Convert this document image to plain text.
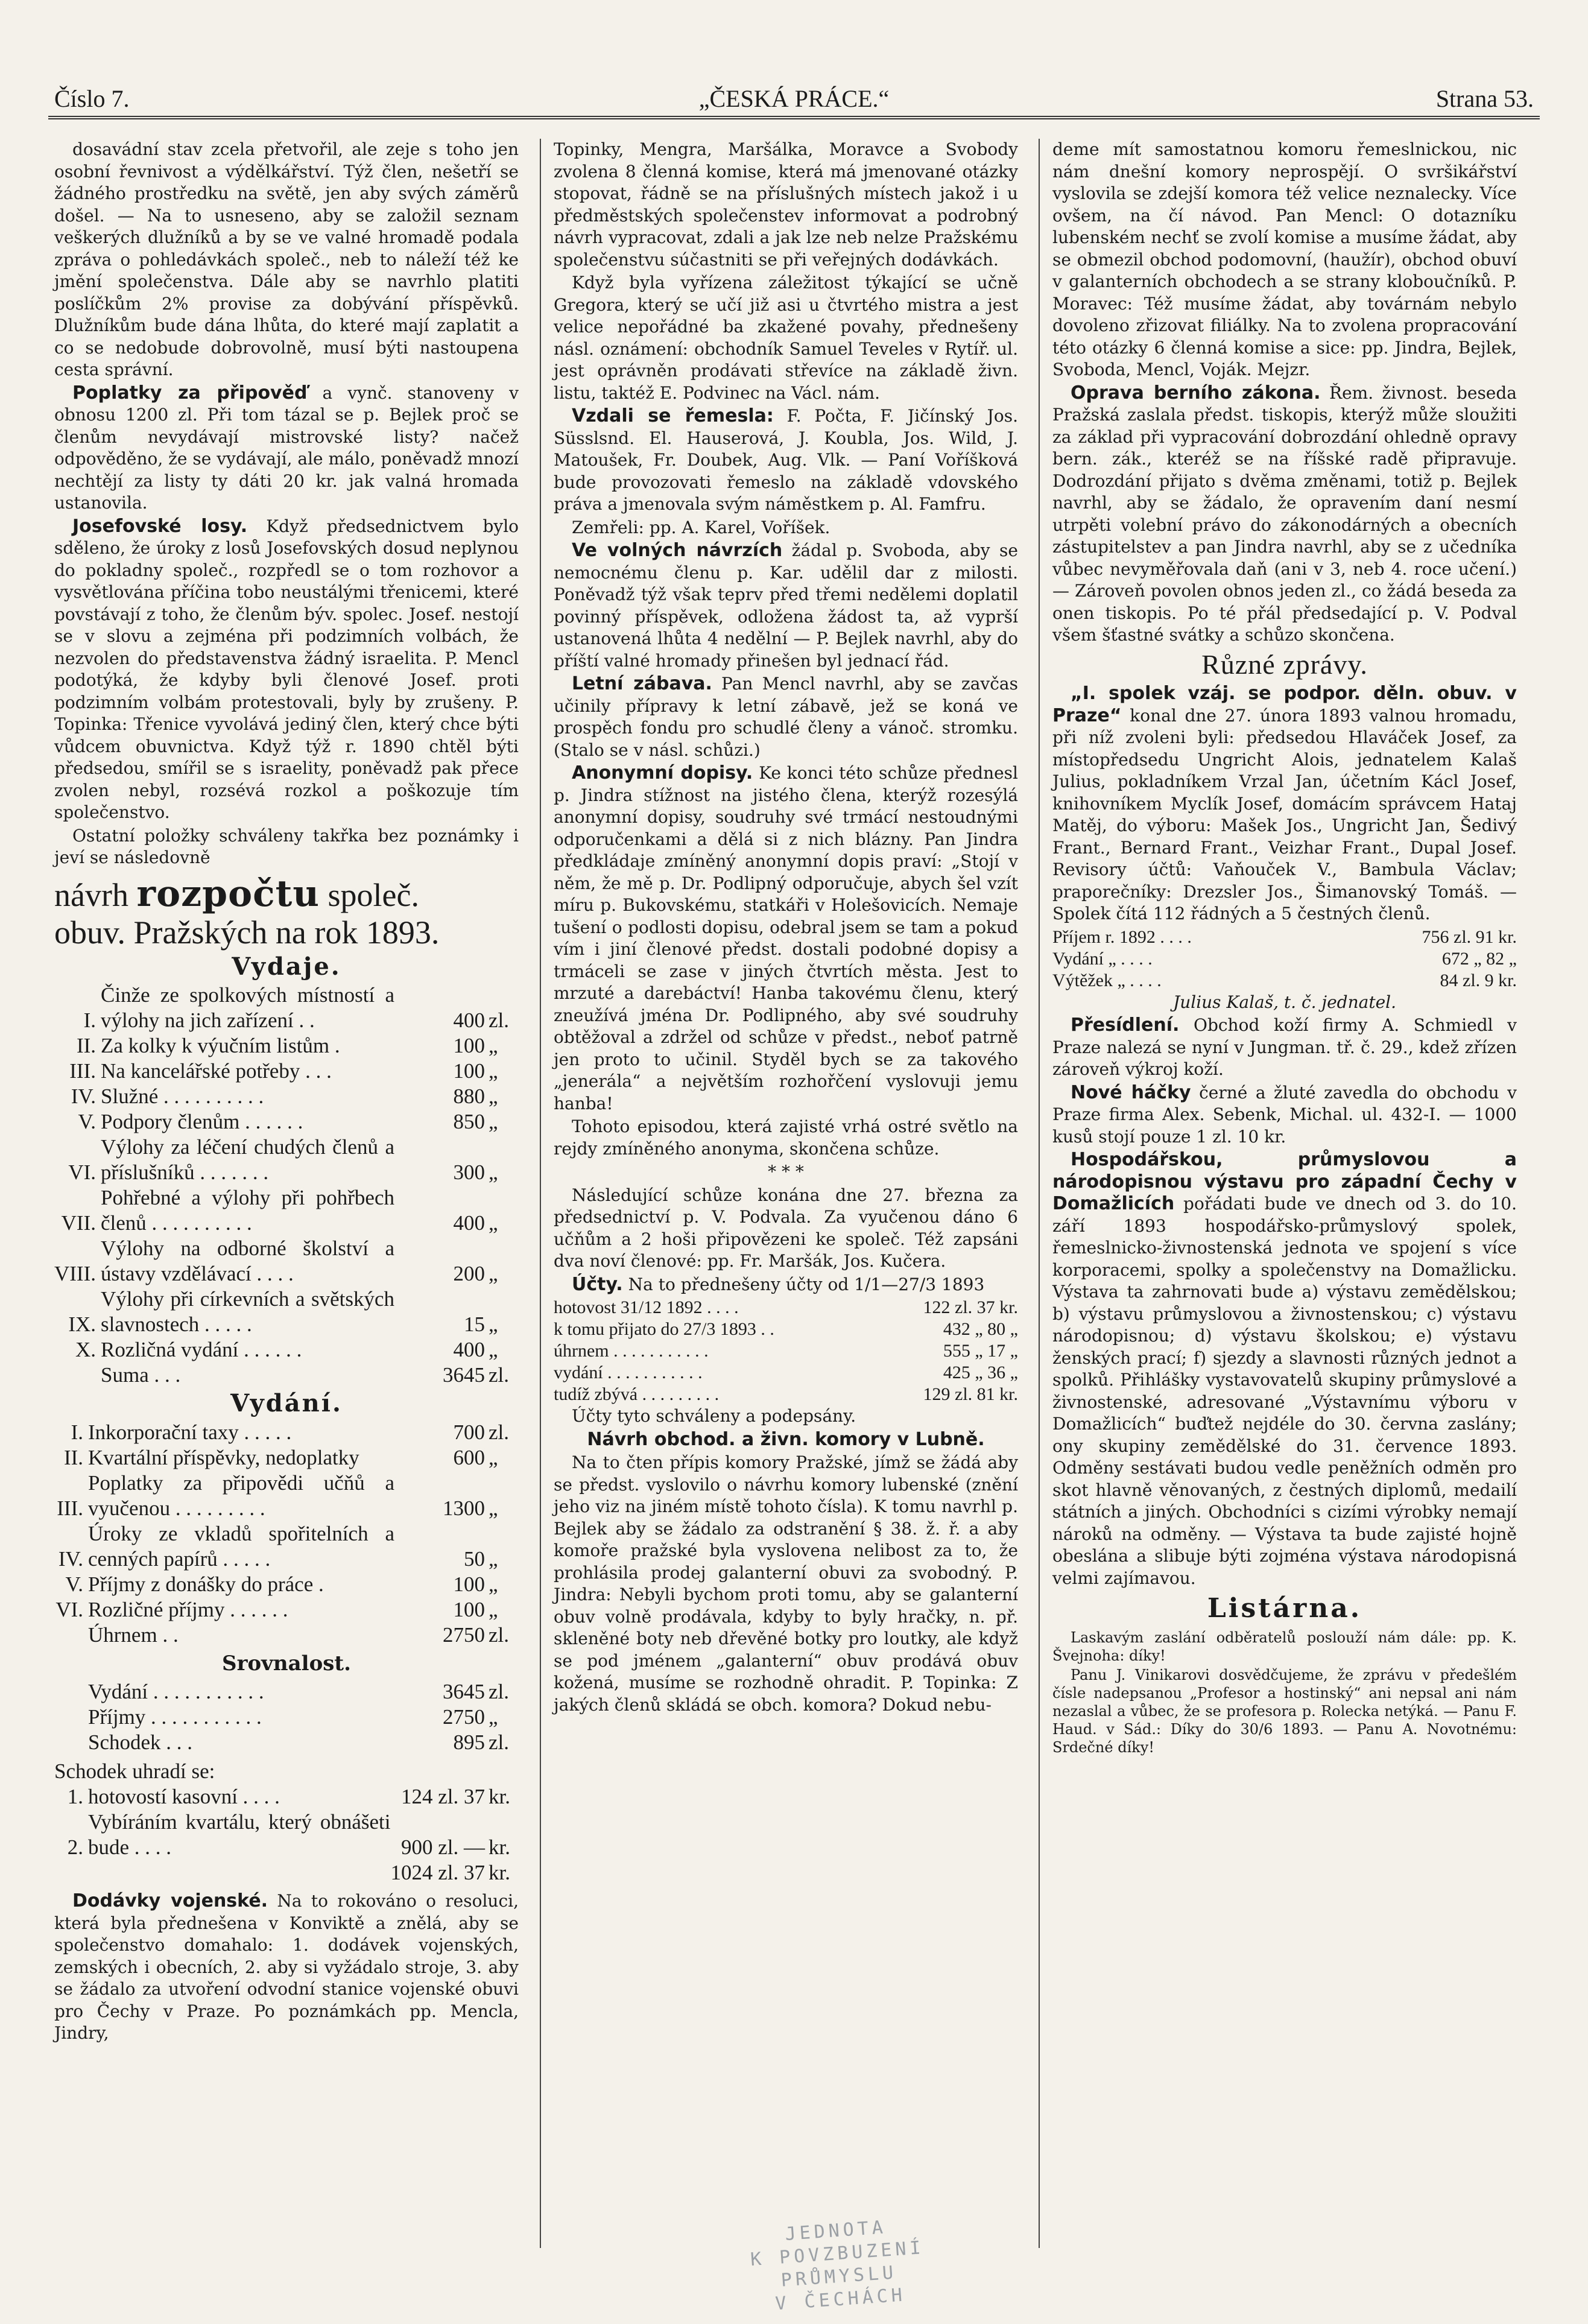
Číslo 7.	„ČESKÁ PRÁCE.“	Strana 53.

dosavádní stav zcela přetvořil, ale zeje s toho jen osobní řevnivost a výdělkářství. Týž člen, nešetří se žádného prostředku na světě, jen aby svých záměrů došel. — Na to usneseno, aby se založil seznam veškerých dlužníků a by se ve valné hromadě podala zpráva o pohledávkách společ., neb to náleží též ke jmění společenstva. Dále aby se navrhlo platiti poslíčkům 2% provise za dobývání příspěvků. Dlužníkům bude dána lhůta, do které mají zaplatit a co se nedobude dobrovolně, musí býti nastoupena cesta správní.

Poplatky za připověď a vynč. stanoveny v obnosu 1200 zl. Při tom tázal se p. Bejlek proč se členům nevydávají mistrovské listy? načež odpověděno, že se vydávají, ale málo, poněvadž mnozí nechtějí za listy ty dáti 20 kr. jak valná hromada ustanovila.

Josefovské losy. Když předsednictvem bylo sděleno, že úroky z losů Josefovských dosud neplynou do pokladny společ., rozpředl se o tom rozhovor a vysvětlována příčina tobo neustálými třenicemi, které povstávají z toho, že členům býv. spolec. Josef. nestojí se v slovu a zejména při podzimních volbách, že nezvolen do představenstva žádný israelita. P. Mencl podotýká, že kdyby byli členové Josef. proti podzimním volbám protestovali, byly by zrušeny. P. Topinka: Třenice vyvolává jediný člen, který chce býti vůdcem obuvnictva. Když týž r. 1890 chtěl býti předsedou, smířil se s israelity, poněvadž pak přece zvolen nebyl, rozsévá rozkol a poškozuje tím společenstvo.

Ostatní položky schváleny takřka bez poznámky i jeví se následovně

návrh rozpočtu společ.
obuv. Pražských na rok 1893.
Vydaje.
I.	Činže ze spolkových místností a výlohy na jich zařízení . .	400	zl.
II.	Za kolky k výučním listům .	100	„
III.	Na kancelářské potřeby . . .	100	„
IV.	Služné . . . . . . . . . .	880	„
V.	Podpory členům . . . . . .	850	„
VI.	Výlohy za léčení chudých členů a příslušníků . . . . . . .	300	„
VII.	Pohřebné a výlohy při pohřbech členů . . . . . . . . . .	400	„
VIII.	Výlohy na odborné školství a ústavy vzdělávací . . . .	200	„
IX.	Výlohy při církevních a světských slavnostech . . . . .	15	„
X.	Rozličná vydání . . . . . .	400	„
	Suma . . .	3645	zl.
Vydání.
I.	Inkorporační taxy . . . . .	700	zl.
II.	Kvartální příspěvky, nedoplatky	600	„
III.	Poplatky za připovědi učňů a vyučenou . . . . . . . . .	1300	„
IV.	Úroky ze vkladů spořitelních a cenných papírů . . . . .	50	„
V.	Příjmy z donášky do práce .	100	„
VI.	Rozličné příjmy . . . . . .	100	„
	Úhrnem . .	2750	zl.
Srovnalost.
	Vydání . . . . . . . . . . .	3645	zl.
	Příjmy . . . . . . . . . . .	2750	„
	Schodek . . .	895	zl.
Schodek uhradí se:
1.	hotovostí kasovní . . . .	124 zl. 37	kr.
2.	Vybíráním kvartálu, který obnášeti bude . . . .	900 zl. —	kr.
		1024 zl. 37	kr.

Dodávky vojenské. Na to rokováno o resoluci, která byla přednešena v Konviktě a znělá, aby se společenstvo domahalo: 1. dodávek vojenských, zemských i obecních, 2. aby si vyžádalo stroje, 3. aby se žádalo za utvoření odvodní stanice vojenské obuvi pro Čechy v Praze. Po poznámkách pp. Mencla, Jindry,

Topinky, Mengra, Maršálka, Moravce a Svobody zvolena 8 členná komise, která má jmenované otázky stopovat, řádně se na příslušných místech jakož i u předměstských společenstev informovat a podrobný návrh vypracovat, zdali a jak lze neb nelze Pražskému společenstvu súčastniti se při veřejných dodávkách.

Když byla vyřízena záležitost týkající se učně Gregora, který se učí již asi u čtvrtého mistra a jest velice nepořádné ba zkažené povahy, přednešeny násl. oznámení: obchodník Samuel Teveles v Rytíř. ul. jest oprávněn prodávati střevíce na základě živn. listu, taktéž E. Podvinec na Václ. nám.

Vzdali se řemesla: F. Počta, F. Jičínský Jos. Süsslsnd. El. Hauserová, J. Koubla, Jos. Wild, J. Matoušek, Fr. Doubek, Aug. Vlk. — Paní Voříšková bude provozovati řemeslo na základě vdovského práva a jmenovala svým náměstkem p. Al. Famfru.

Zemřeli: pp. A. Karel, Voříšek.

Ve volných návrzích žádal p. Svoboda, aby se nemocnému členu p. Kar. udělil dar z milosti. Poněvadž týž však teprv před třemi nedělemi doplatil povinný příspěvek, odložena žádost ta, až vyprší ustanovená lhůta 4 nedělní — P. Bejlek navrhl, aby do příští valné hromady přinešen byl jednací řád.

Letní zábava. Pan Mencl navrhl, aby se zavčas učinily přípravy k letní zábavě, jež se koná ve prospěch fondu pro schudlé členy a vánoč. stromku. (Stalo se v násl. schůzi.)

Anonymní dopisy. Ke konci této schůze přednesl p. Jindra stížnost na jistého člena, kterýž rozesýlá anonymní dopisy, soudruhy své trmácí nestoudnými odporučenkami a dělá si z nich blázny. Pan Jindra předkládaje zmíněný anonymní dopis praví: „Stojí v něm, že mě p. Dr. Podlipný odporučuje, abych šel vzít míru p. Bukovskému, statkáři v Holešovicích. Nemaje tušení o podlosti dopisu, odebral jsem se tam a pokud vím i jiní členové předst. dostali podobné dopisy a trmáceli se zase v jiných čtvrtích města. Jest to mrzuté a darebáctví! Hanba takovému členu, který zneužívá jména Dr. Podlipného, aby své soudruhy obtěžoval a zdržel od schůze v předst., neboť patrně jen proto to učinil. Styděl bych se za takového „jenerála“ a největším rozhořčení vyslovuji jemu hanba!

Tohoto episodou, která zajisté vrhá ostré světlo na rejdy zmíněného anonyma, skončena schůze.

* * *

Následující schůze konána dne 27. března za předsednictví p. V. Podvala. Za vyučenou dáno 6 učňům a 2 hoši připovězeni ke společ. Též zapsáni dva noví členové: pp. Fr. Maršák, Jos. Kučera.

Účty. Na to přednešeny účty od 1/1—27/3 1893

hotovost 31/12 1892 . . . .	122 zl. 37 kr.
k tomu přijato do 27/3 1893 . .	432 „ 80 „
úhrnem . . . . . . . . . . .	555 „ 17 „
vydání . . . . . . . . . . .	425 „ 36 „
tudíž zbývá . . . . . . . . .	129 zl. 81 kr.

Účty tyto schváleny a podepsány.

Návrh obchod. a živn. komory v Lubně.

Na to čten přípis komory Pražské, jímž se žádá aby se předst. vyslovilo o návrhu komory lubenské (znění jeho viz na jiném místě tohoto čísla). K tomu navrhl p. Bejlek aby se žádalo za odstranění § 38. ž. ř. a aby komoře pražské byla vyslovena nelibost za to, že prohlásila prodej galanterní obuvi za svobodný. P. Jindra: Nebyli bychom proti tomu, aby se galanterní obuv volně prodávala, kdyby to byly hračky, n. př. skleněné boty neb dřevěné botky pro loutky, ale když se pod jménem „galanterní“ obuv prodává obuv kožená, musíme se rozhodně ohradit. P. Topinka: Z jakých členů skládá se obch. komora? Dokud nebu-

deme mít samostatnou komoru řemeslnickou, nic nám dnešní komory neprospějí. O svršikářství vyslovila se zdejší komora též velice neznalecky. Více ovšem, na čí návod. Pan Mencl: O dotazníku lubenském nechť se zvolí komise a musíme žádat, aby se obmezil obchod podomovní, (haužír), obchod obuví v galanterních obchodech a se strany kloboučníků. P. Moravec: Též musíme žádat, aby továrnám nebylo dovoleno zřizovat filiálky. Na to zvolena propracování této otázky 6 členná komise a sice: pp. Jindra, Bejlek, Svoboda, Mencl, Voják. Mejzr.

Oprava berního zákona. Řem. živnost. beseda Pražská zaslala předst. tiskopis, kterýž může sloužiti za základ při vypracování dobrozdání ohledně opravy bern. zák., kteréž se na říšské radě připravuje. Dodrozdání přijato s dvěma změnami, totiž p. Bejlek navrhl, aby se žádalo, že opravením daní nesmí utrpěti volební právo do zákonodárných a obecních zástupitelstev a pan Jindra navrhl, aby se z učedníka vůbec nevyměřovala daň (ani v 3, neb 4. roce učení.) — Zároveň povolen obnos jeden zl., co žádá beseda za onen tiskopis. Po té přál předsedající p. V. Podval všem šťastné svátky a schůzo skončena.

Různé zprávy.

„I. spolek vzáj. se podpor. děln. obuv. v Praze“ konal dne 27. února 1893 valnou hromadu, při níž zvoleni byli: předsedou Hlaváček Josef, za místopředsedu Ungricht Alois, jednatelem Kalaš Julius, pokladníkem Vrzal Jan, účetním Kácl Josef, knihovníkem Myclík Josef, domácím správcem Hataj Matěj, do výboru: Mašek Jos., Ungricht Jan, Šedivý Frant., Bernard Frant., Veizhar Frant., Dupal Josef. Revisory účtů: Vaňouček V., Bambula Václav; praporečníky: Drezsler Jos., Šimanovský Tomáš. — Spolek čítá 112 řádných a 5 čestných členů.

Příjem r. 1892 . . . .	756 zl. 91 kr.
Vydání „ . . . .	672 „ 82 „
Výtěžek „ . . . .	84 zl. 9 kr.

Julius Kalaš, t. č. jednatel.

Přesídlení. Obchod koží firmy A. Schmiedl v Praze nalezá se nyní v Jungman. tř. č. 29., kdež zřízen zároveň výkroj koží.

Nové háčky černé a žluté zavedla do obchodu v Praze firma Alex. Sebenk, Michal. ul. 432-I. — 1000 kusů stojí pouze 1 zl. 10 kr.

Hospodářskou, průmyslovou a národopisnou výstavu pro západní Čechy v Domažlicích pořádati bude ve dnech od 3. do 10. září 1893 hospodářsko-průmyslový spolek, řemeslnicko-živnostenská jednota ve spojení s více korporacemi, spolky a společenstvy na Domažlicku. Výstava ta zahrnovati bude a) výstavu zemědělskou; b) výstavu průmyslovou a živnostenskou; c) výstavu národopisnou; d) výstavu školskou; e) výstavu ženských prací; f) sjezdy a slavnosti různých jednot a spolků. Přihlášky vystavovatelů skupiny průmyslové a živnostenské, adresované „Výstavnímu výboru v Domažlicích“ buďtež nejdéle do 30. června zaslány; ony skupiny zemědělské do 31. července 1893. Odměny sestávati budou vedle peněžních odměn pro skot hlavně věnovaných, z čestných diplomů, medailí státních a jiných. Obchodníci s cizími výrobky nemají nároků na odměny. — Výstava ta bude zajisté hojně obeslána a slibuje býti zojména výstava národopisná velmi zajímavou.

Listárna.

Laskavým zaslání odběratelů poslouží nám dále: pp. K. Švejnoha: díky!

Panu J. Vinikarovi dosvědčujeme, že zprávu v předešlém čísle nadepsanou „Profesor a hostinský“ ani nepsal ani nám nezaslal a vůbec, že se profesora p. Rolecka netýká. — Panu F. Haud. v Sád.: Díky do 30/6 1893. — Panu A. Novotnému: Srdečné díky!

JEDNOTA
K POVZBUZENÍ
PRŮMYSLU
V ČECHÁCH
